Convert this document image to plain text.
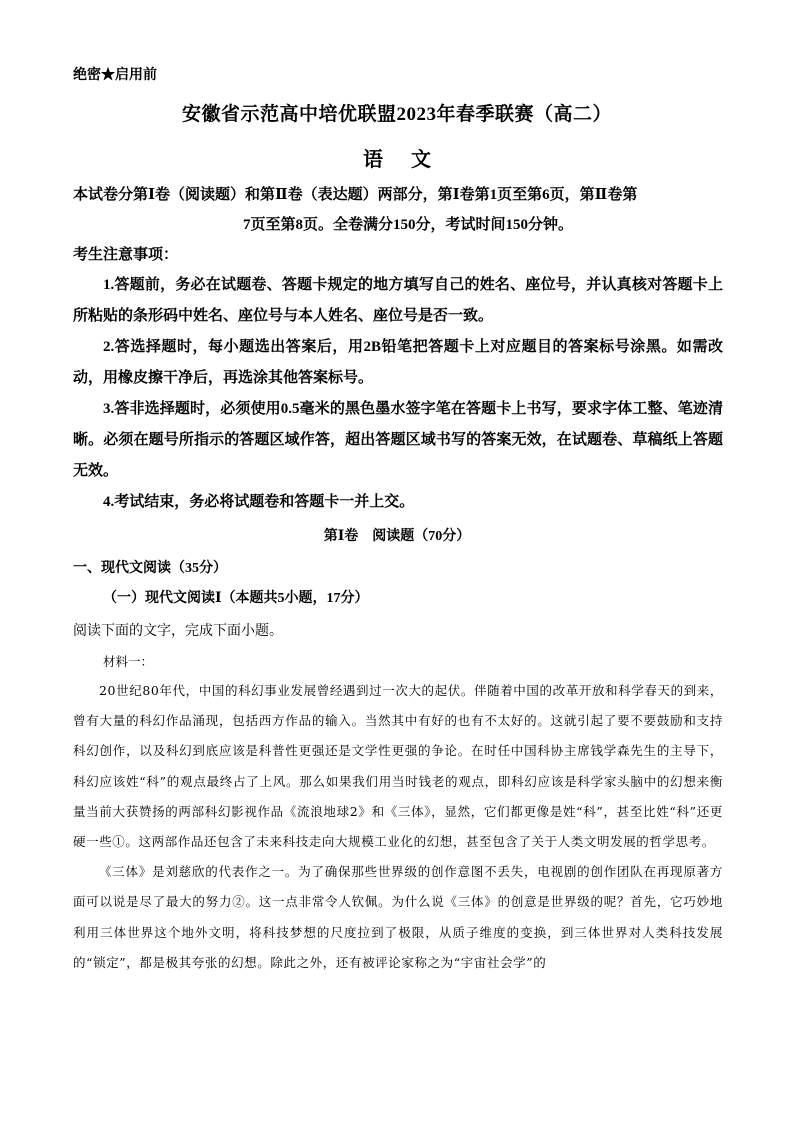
绝密★启用前
安徽省示范高中培优联盟2023年春季联赛（高二）
语文
本试卷分第Ⅰ卷（阅读题）和第Ⅱ卷（表达题）两部分，第Ⅰ卷第1页至第6页，第Ⅱ卷第
7页至第8页。全卷满分150分，考试时间150分钟。
考生注意事项：

1.答题前，务必在试题卷、答题卡规定的地方填写自己的姓名、座位号，并认真核对答题卡上所粘贴的条形码中姓名、座位号与本人姓名、座位号是否一致。

2.答选择题时，每小题选出答案后，用2B铅笔把答题卡上对应题目的答案标号涂黑。如需改动，用橡皮擦干净后，再选涂其他答案标号。

3.答非选择题时，必须使用0.5毫米的黑色墨水签字笔在答题卡上书写，要求字体工整、笔迹清晰。必须在题号所指示的答题区域作答，超出答题区域书写的答案无效，在试题卷、草稿纸上答题无效。

4.考试结束，务必将试题卷和答题卡一并上交。

第Ⅰ卷　阅读题（70分）
一、现代文阅读（35分）
（一）现代文阅读Ⅰ（本题共5小题，17分）
阅读下面的文字，完成下面小题。
材料一：

20世纪80年代，中国的科幻事业发展曾经遇到过一次大的起伏。伴随着中国的改革开放和科学春天的到来，曾有大量的科幻作品涌现，包括西方作品的输入。当然其中有好的也有不太好的。这就引起了要不要鼓励和支持科幻创作，以及科幻到底应该是科普性更强还是文学性更强的争论。在时任中国科协主席钱学森先生的主导下，科幻应该姓“科”的观点最终占了上风。那么如果我们用当时钱老的观点，即科幻应该是科学家头脑中的幻想来衡量当前大获赞扬的两部科幻影视作品《流浪地球2》和《三体》，显然，它们都更像是姓“科”，甚至比姓“科”还更硬一些①。这两部作品还包含了未来科技走向大规模工业化的幻想，甚至包含了关于人类文明发展的哲学思考。

《三体》是刘慈欣的代表作之一。为了确保那些世界级的创作意图不丢失，电视剧的创作团队在再现原著方面可以说是尽了最大的努力②。这一点非常令人钦佩。为什么说《三体》的创意是世界级的呢？首先，它巧妙地利用三体世界这个地外文明，将科技梦想的尺度拉到了极限，从质子维度的变换，到三体世界对人类科技发展的“锁定”，都是极其夸张的幻想。除此之外，还有被评论家称之为“宇宙社会学”的
